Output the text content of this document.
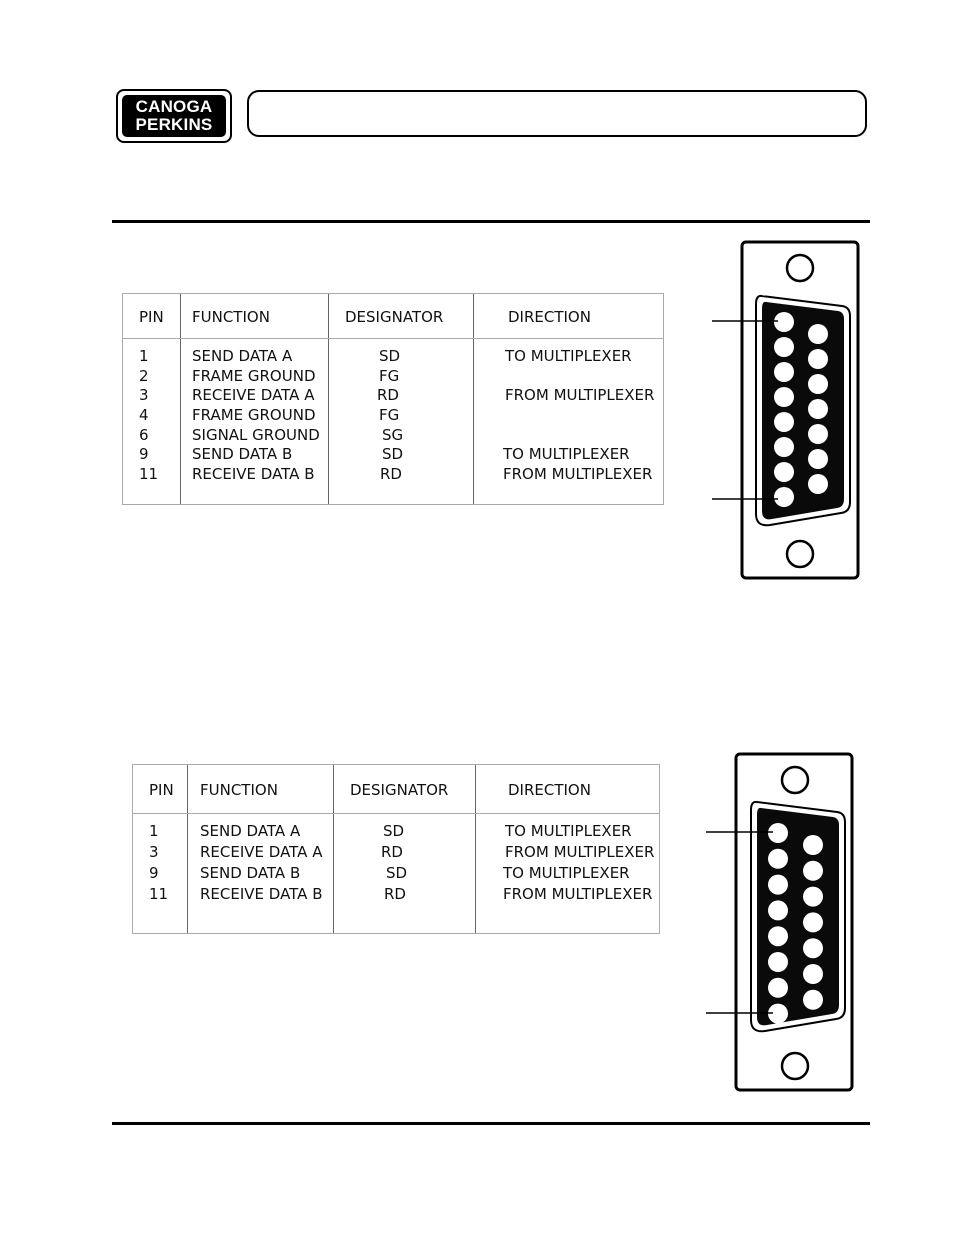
CANOGA
PERKINS
PIN FUNCTION	DESIGNATOR	DIRECTION
1	SEND DATA A	SD	TO MULTIPLEXER
2	FRAME GROUND	FG
3	RECEIVE DATA A	RD	FROM MULTIPLEXER
4	FRAME GROUND	FG
6	SIGNAL GROUND	SG
9	SEND DATA B	SD	TO MULTIPLEXER
11 RECEIVE DATA B	RD	FROM MULTIPLEXER
PIN FUNCTION	DESIGNATOR	DIRECTION
1	SEND DATA A	SD	TO MULTIPLEXER
3	RECEIVE DATA A	RD	FROM MULTIPLEXER
9	SEND DATA B	SD	TO MULTIPLEXER
11 RECEIVE DATA B	RD	FROM MULTIPLEXER
